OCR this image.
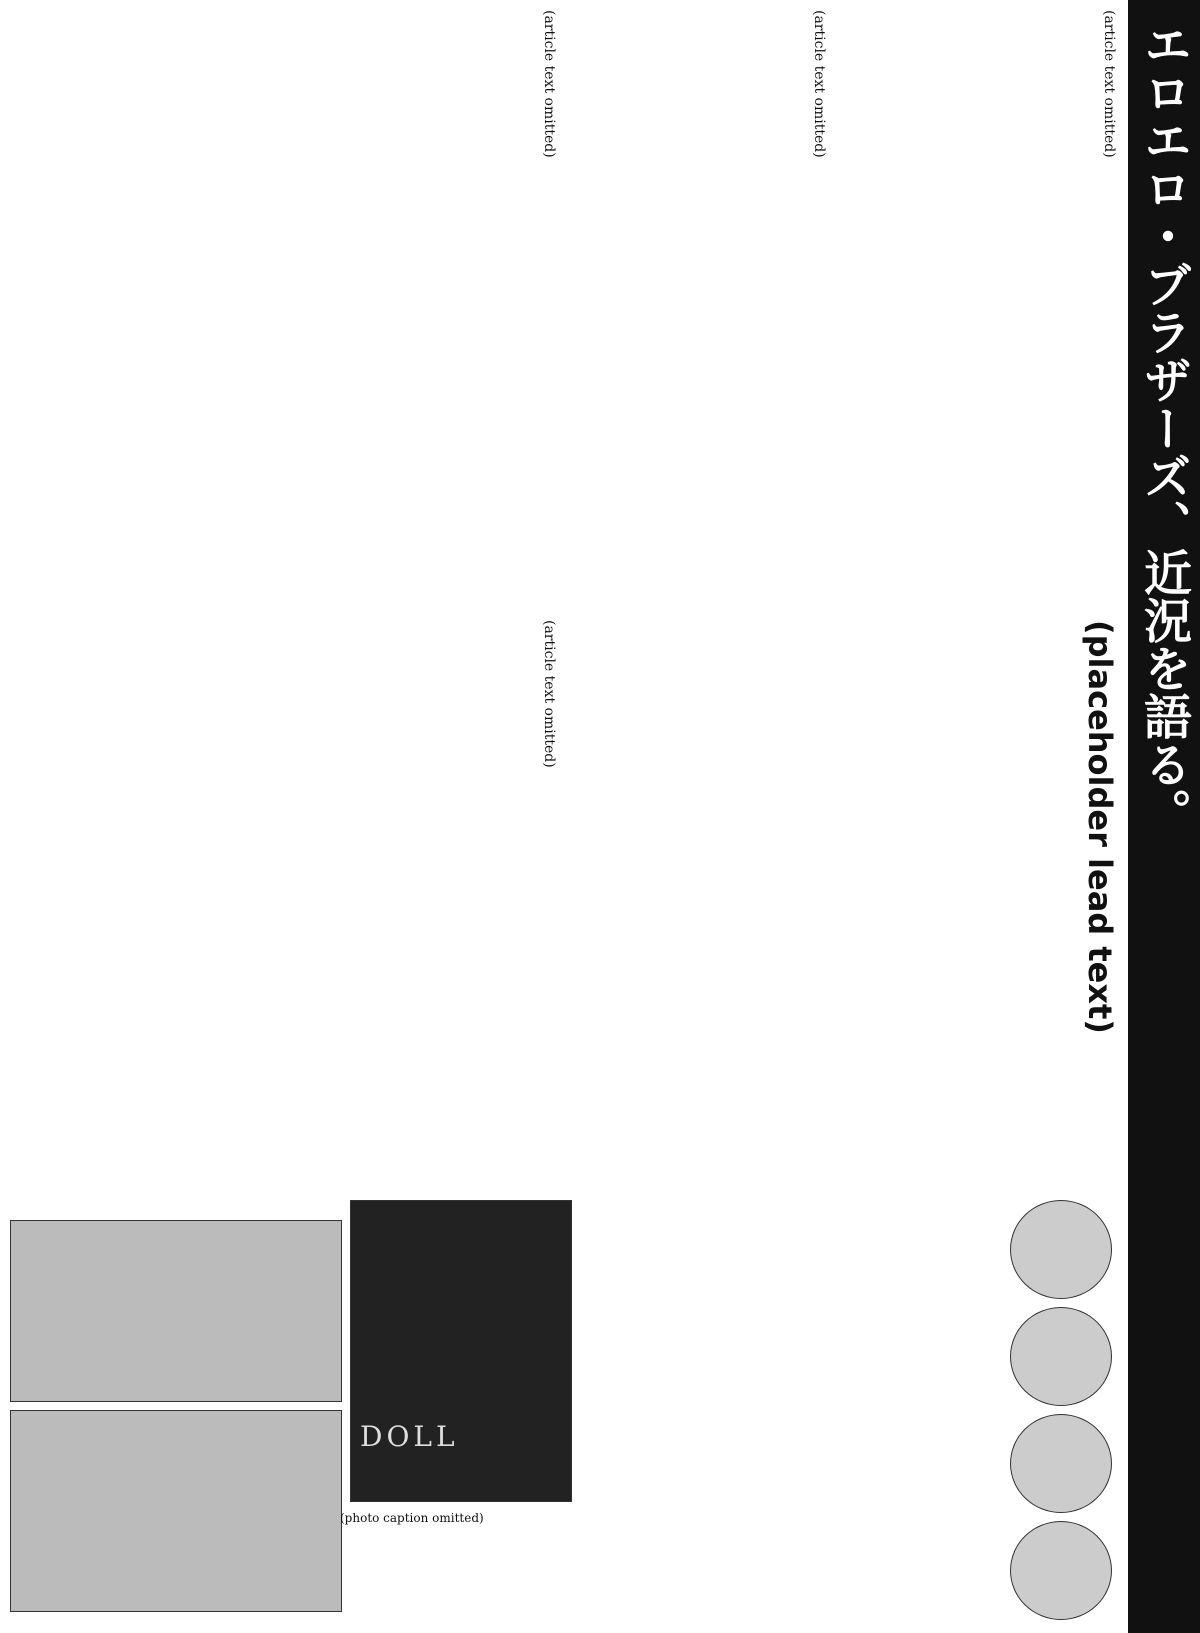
エロエロ・ブラザーズ、近況を語る。
(article text omitted)
(article text omitted)
(article text omitted)
(placeholder lead text)
(article text omitted)
DOLL
(photo caption omitted)
